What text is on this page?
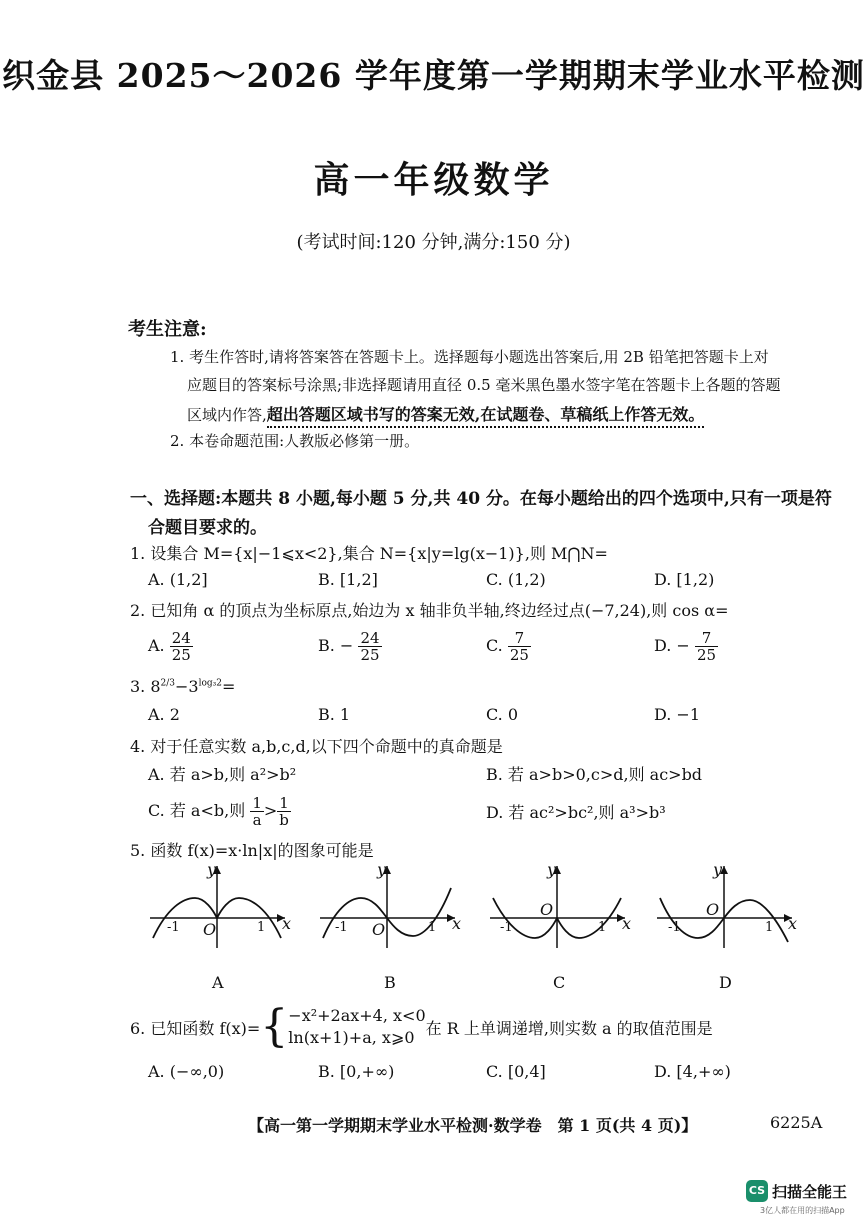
织金县 2025～2026 学年度第一学期期末学业水平检测
高一年级数学
(考试时间:120 分钟,满分:150 分)
考生注意:
1. 考生作答时,请将答案答在答题卡上。选择题每小题选出答案后,用 2B 铅笔把答题卡上对
应题目的答案标号涂黑;非选择题请用直径 0.5 毫米黑色墨水签字笔在答题卡上各题的答题
区域内作答,超出答题区域书写的答案无效,在试题卷、草稿纸上作答无效。
2. 本卷命题范围:人教版必修第一册。
一、选择题:本题共 8 小题,每小题 5 分,共 40 分。在每小题给出的四个选项中,只有一项是符
合题目要求的。
1. 设集合 M={x|−1⩽x<2},集合 N={x|y=lg(x−1)},则 M⋂N=
A. (1,2]	B. [1,2]	C. (1,2)	D. [1,2)
2. 已知角 α 的顶点为坐标原点,始边为 x 轴非负半轴,终边经过点(−7,24),则 cos α=
A. $\frac{24}{25}$	B. − $\frac{24}{25}$	C. $\frac{7}{25}$	D. − $\frac{7}{25}$
3. $8^{2/3}-3^{log_32}=$
A. 2	B. 1	C. 0	D. −1
4. 对于任意实数 a,b,c,d,以下四个命题中的真命题是
A. 若 a>b,则 a²>b²	B. 若 a>b>0,c>d,则 ac>bd
C. 若 a<b,则 $\frac{1}{a} > \frac{1}{b}$	D. 若 ac²>bc²,则 a³>b³
5. 函数 f(x)=x·ln|x|的图象可能是
y
x
O
-1	1
A
y
x
O
-1	1
B
y
x
O
-1	1
C
y
x
O
-1	1
D
6. 已知函数 f(x)= { −x²+2ax+4, x<0
ln(x+1)+a, x⩾0 在 R 上单调递增,则实数 a 的取值范围是
A. (−∞,0)	B. [0,+∞)	C. [0,4]	D. [4,+∞)
【高一第一学期期末学业水平检测·数学卷　第 1 页(共 4 页)】	6225A
CS 扫描全能王
3亿人都在用的扫描App
